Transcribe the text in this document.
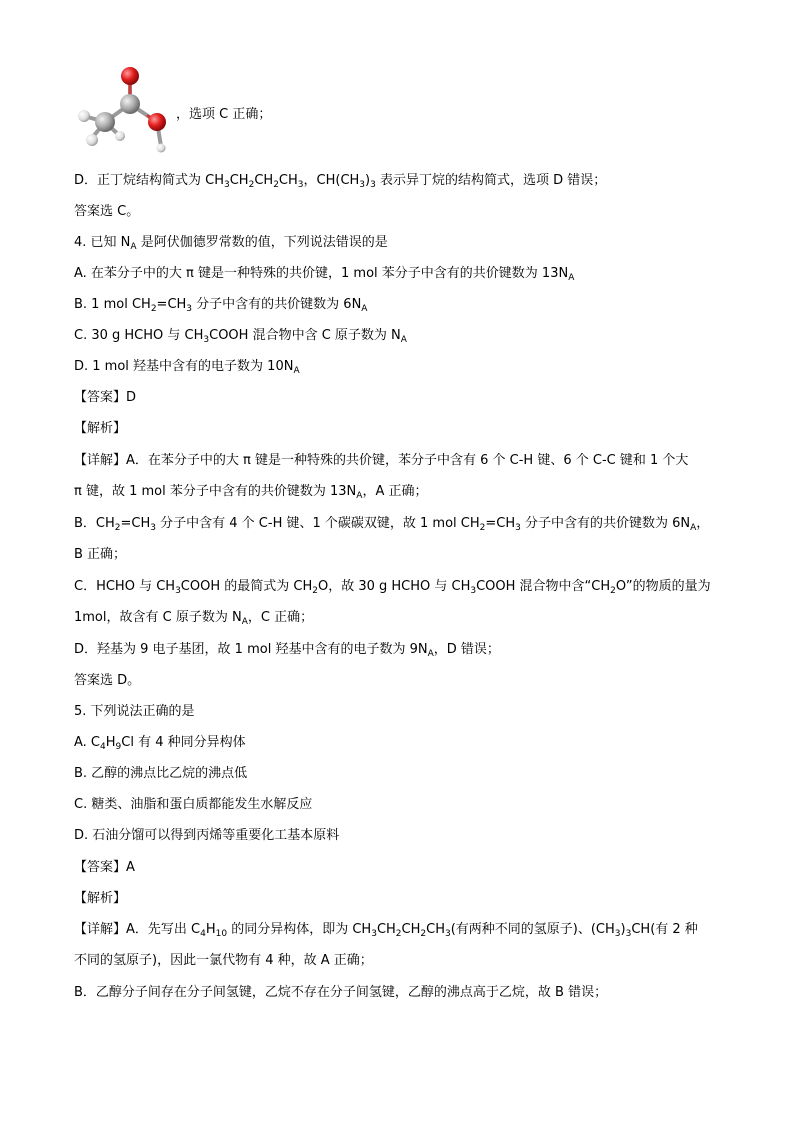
，选项 C 正确；
D．正丁烷结构简式为 $CH_3CH_2CH_2CH_3$，$CH(CH_3)_3$ 表示异丁烷的结构简式，选项 D 错误；
答案选 C。
4. 已知 $N_A$ 是阿伏伽德罗常数的值，下列说法错误的是
A. 在苯分子中的大 π 键是一种特殊的共价键，1 mol 苯分子中含有的共价键数为 $13N_A$
B. 1 mol $CH_2=CH_3$ 分子中含有的共价键数为 $6N_A$
C. 30 g HCHO 与 $CH_3COOH$ 混合物中含 C 原子数为 $N_A$
D. 1 mol 羟基中含有的电子数为 $10N_A$
【答案】D
【解析】
【详解】A．在苯分子中的大 π 键是一种特殊的共价键，苯分子中含有 6 个 C-H 键、6 个 C-C 键和 1 个大
π 键，故 1 mol 苯分子中含有的共价键数为 $13N_A$，A 正确；
B．$CH_2=CH_3$ 分子中含有 4 个 C-H 键、1 个碳碳双键，故 1 mol $CH_2=CH_3$ 分子中含有的共价键数为 $6N_A$，
B 正确；
C．HCHO 与 $CH_3COOH$ 的最简式为 $CH_2O$，故 30 g HCHO 与 $CH_3COOH$ 混合物中含“$CH_2O$”的物质的量为
1mol，故含有 C 原子数为 $N_A$，C 正确；
D．羟基为 9 电子基团，故 1 mol 羟基中含有的电子数为 $9N_A$，D 错误；
答案选 D。
5. 下列说法正确的是
A. $C_4H_9Cl$ 有 4 种同分异构体
B. 乙醇的沸点比乙烷的沸点低
C. 糖类、油脂和蛋白质都能发生水解反应
D. 石油分馏可以得到丙烯等重要化工基本原料
【答案】A
【解析】
【详解】A．先写出 $C_4H_{10}$ 的同分异构体，即为 $CH_3CH_2CH_2CH_3$(有两种不同的氢原子)、$(CH_3)_3CH$(有 2 种
不同的氢原子)，因此一氯代物有 4 种，故 A 正确；
B．乙醇分子间存在分子间氢键，乙烷不存在分子间氢键，乙醇的沸点高于乙烷，故 B 错误；
